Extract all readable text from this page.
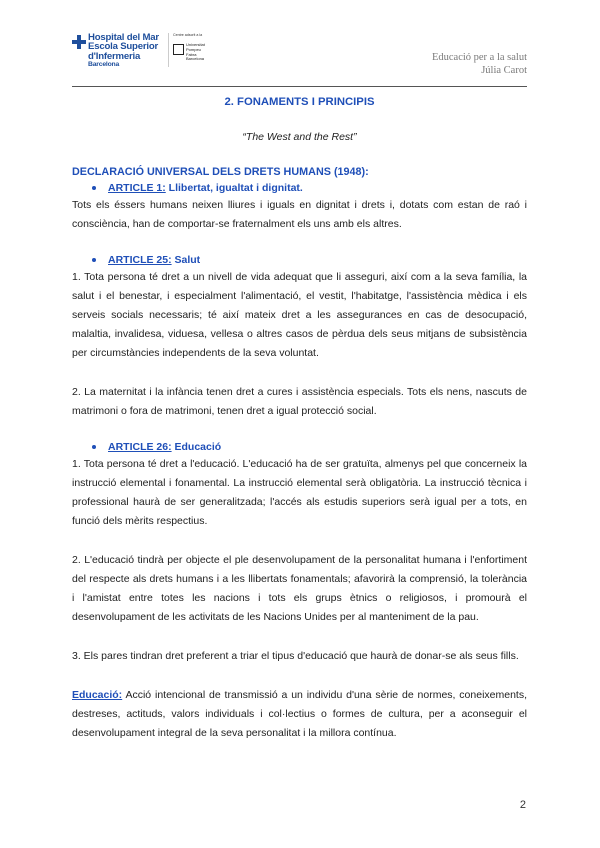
Hospital del Mar
Escola Superior
d'Infermeria
Barcelona
Centre adscrit a la
Universitat
Pompeu Fabra
Barcelona	Educació per a la salut
Júlia Carot
2. FONAMENTS I PRINCIPIS
“The West and the Rest”
DECLARACIÓ UNIVERSAL DELS DRETS HUMANS (1948):
ARTICLE 1: Llibertat, igualtat i dignitat.

Tots els éssers humans neixen lliures i iguals en dignitat i drets i, dotats com estan de raó i consciència, han de comportar-se fraternalment els uns amb els altres.

ARTICLE 25: Salut

1. Tota persona té dret a un nivell de vida adequat que li asseguri, així com a la seva família, la salut i el benestar, i especialment l'alimentació, el vestit, l'habitatge, l'assistència mèdica i els serveis socials necessaris; té així mateix dret a les assegurances en cas de desocupació, malaltia, invalidesa, viduesa, vellesa o altres casos de pèrdua dels seus mitjans de subsistència per circumstàncies independents de la seva voluntat.

2. La maternitat i la infància tenen dret a cures i assistència especials. Tots els nens, nascuts de matrimoni o fora de matrimoni, tenen dret a igual protecció social.

ARTICLE 26: Educació

1. Tota persona té dret a l'educació. L'educació ha de ser gratuïta, almenys pel que concerneix la instrucció elemental i fonamental. La instrucció elemental serà obligatòria. La instrucció tècnica i professional haurà de ser generalitzada; l'accés als estudis superiors serà igual per a tots, en funció dels mèrits respectius.

2. L'educació tindrà per objecte el ple desenvolupament de la personalitat humana i l'enfortiment del respecte als drets humans i a les llibertats fonamentals; afavorirà la comprensió, la tolerància i l'amistat entre totes les nacions i tots els grups ètnics o religiosos, i promourà el desenvolupament de les activitats de les Nacions Unides per al manteniment de la pau.

3. Els pares tindran dret preferent a triar el tipus d'educació que haurà de donar-se als seus fills.

Educació: Acció intencional de transmissió a un individu d'una sèrie de normes, coneixements, destreses, actituds, valors individuals i col·lectius o formes de cultura, per a aconseguir el desenvolupament integral de la seva personalitat i la millora contínua.

2
